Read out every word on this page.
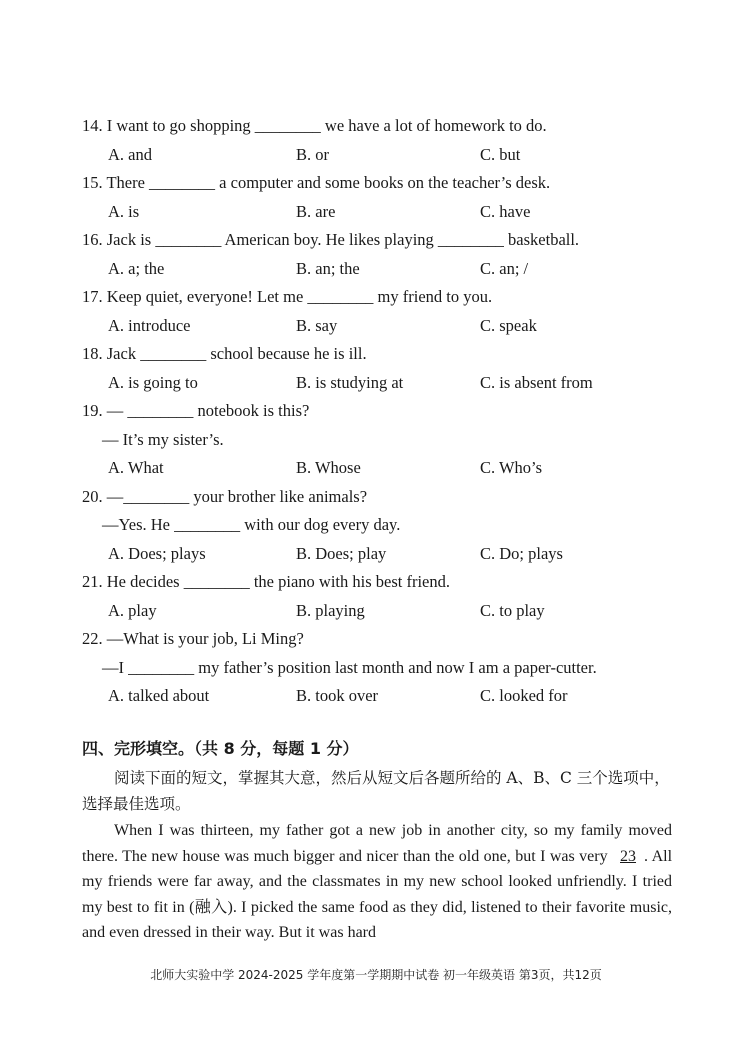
14. I want to go shopping ________ we have a lot of homework to do.
A. and	B. or	C. but
15. There ________ a computer and some books on the teacher’s desk.
A. is	B. are	C. have
16. Jack is ________ American boy. He likes playing ________ basketball.
A. a; the	B. an; the	C. an; /
17. Keep quiet, everyone! Let me ________ my friend to you.
A. introduce	B. say	C. speak
18. Jack ________ school because he is ill.
A. is going to	B. is studying at	C. is absent from
19. — ________ notebook is this?
— It’s my sister’s.
A. What	B. Whose	C. Who’s
20. —________ your brother like animals?
—Yes. He ________ with our dog every day.
A. Does; plays	B. Does; play	C. Do; plays
21. He decides ________ the piano with his best friend.
A. play	B. playing	C. to play
22. —What is your job, Li Ming?
—I ________ my father’s position last month and now I am a paper-cutter.
A. talked about	B. took over	C. looked for
四、完形填空。（共 8 分，每题 1 分）
阅读下面的短文，掌握其大意，然后从短文后各题所给的 A、B、C 三个选项中，选择最佳选项。
When I was thirteen, my father got a new job in another city, so my family moved there. The new house was much bigger and nicer than the old one, but I was very 23 . All my friends were far away, and the classmates in my new school looked unfriendly. I tried my best to fit in (融入). I picked the same food as they did, listened to their favorite music, and even dressed in their way. But it was hard
北师大实验中学 2024-2025 学年度第一学期期中试卷 初一年级英语 第3页，共12页
